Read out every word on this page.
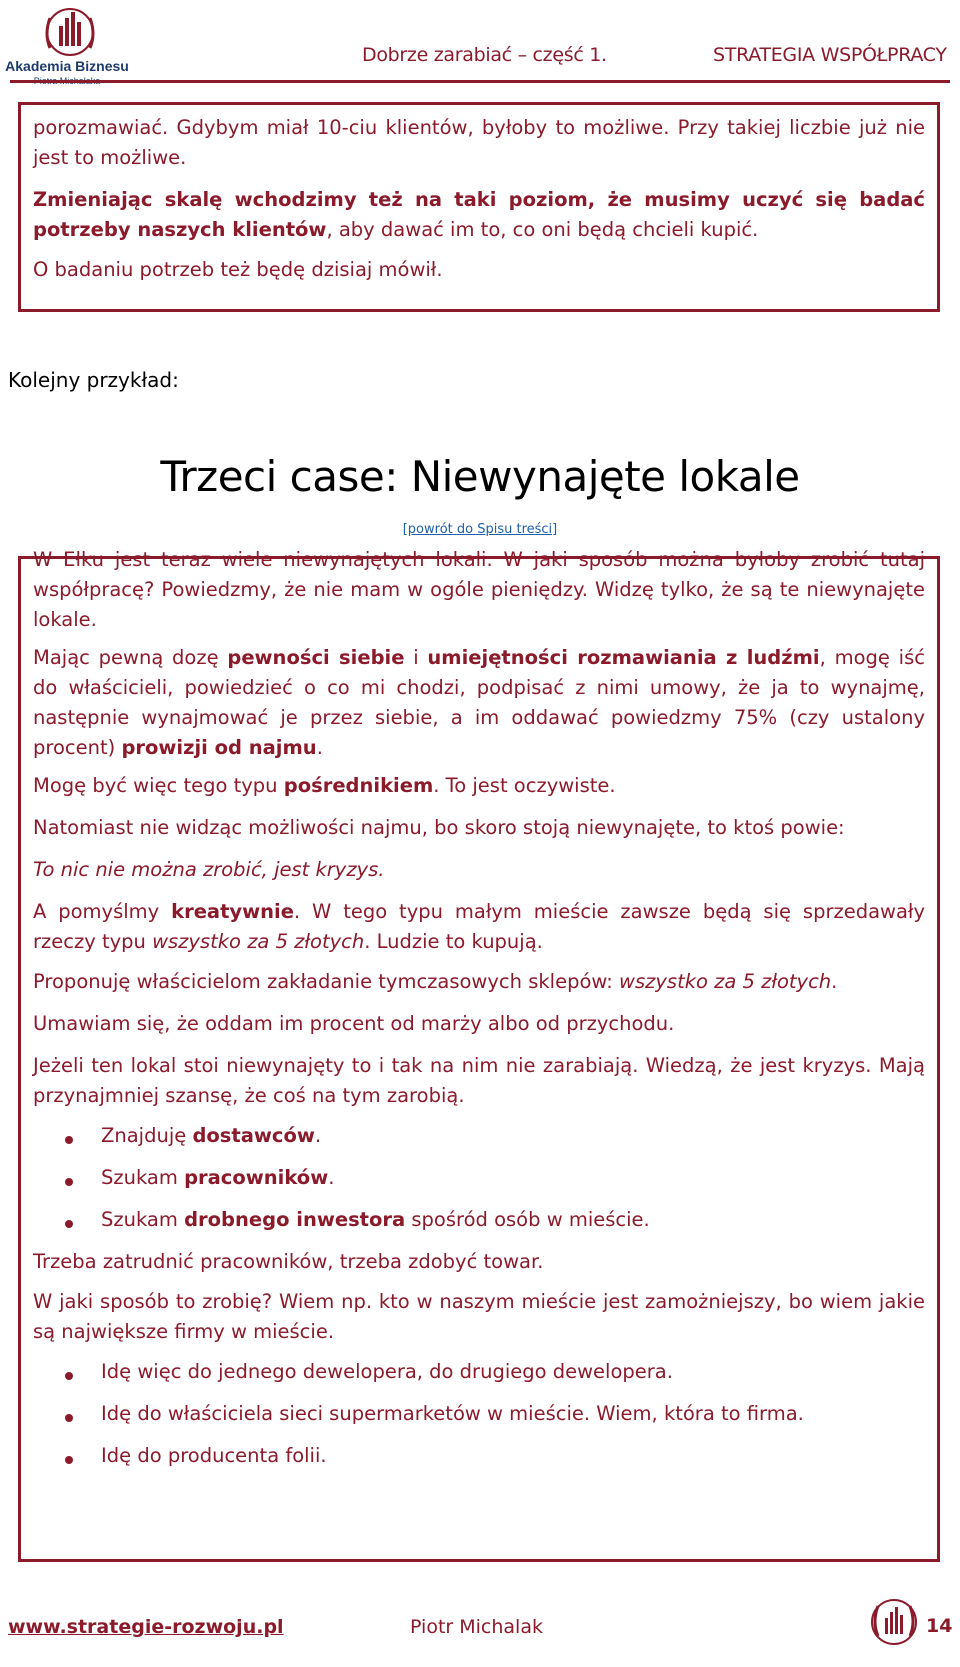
Akademia Biznesu	Dobrze zarabiać – część 1.	STRATEGIA WSPÓŁPRACY

porozmawiać. Gdybym miał 10-ciu klientów, byłoby to możliwe. Przy takiej liczbie już nie jest to możliwe.

Zmieniając skalę wchodzimy też na taki poziom, że musimy uczyć się badać potrzeby naszych klientów, aby dawać im to, co oni będą chcieli kupić.

O badaniu potrzeb też będę dzisiaj mówił.

Kolejny przykład:
Trzeci case: Niewynajęte lokale
[powrót do Spisu treści]

W Ełku jest teraz wiele niewynajętych lokali. W jaki sposób można byłoby zrobić tutaj współpracę? Powiedzmy, że nie mam w ogóle pieniędzy. Widzę tylko, że są te niewynajęte lokale.

Mając pewną dozę pewności siebie i umiejętności rozmawiania z ludźmi, mogę iść do właścicieli, powiedzieć o co mi chodzi, podpisać z nimi umowy, że ja to wynajmę, następnie wynajmować je przez siebie, a im oddawać powiedzmy 75% (czy ustalony procent) prowizji od najmu.

Mogę być więc tego typu pośrednikiem. To jest oczywiste.

Natomiast nie widząc możliwości najmu, bo skoro stoją niewynajęte, to ktoś powie:

To nic nie można zrobić, jest kryzys.

A pomyślmy kreatywnie. W tego typu małym mieście zawsze będą się sprzedawały rzeczy typu wszystko za 5 złotych. Ludzie to kupują.

Proponuję właścicielom zakładanie tymczasowych sklepów: wszystko za 5 złotych.

Umawiam się, że oddam im procent od marży albo od przychodu.

Jeżeli ten lokal stoi niewynajęty to i tak na nim nie zarabiają. Wiedzą, że jest kryzys. Mają przynajmniej szansę, że coś na tym zarobią.

Znajduję dostawców.

Szukam pracowników.

Szukam drobnego inwestora spośród osób w mieście.

Trzeba zatrudnić pracowników, trzeba zdobyć towar.

W jaki sposób to zrobię? Wiem np. kto w naszym mieście jest zamożniejszy, bo wiem jakie są największe firmy w mieście.

Idę więc do jednego dewelopera, do drugiego dewelopera.

Idę do właściciela sieci supermarketów w mieście. Wiem, która to firma.

Idę do producenta folii.

www.strategie-rozwoju.pl	Piotr Michalak	14
